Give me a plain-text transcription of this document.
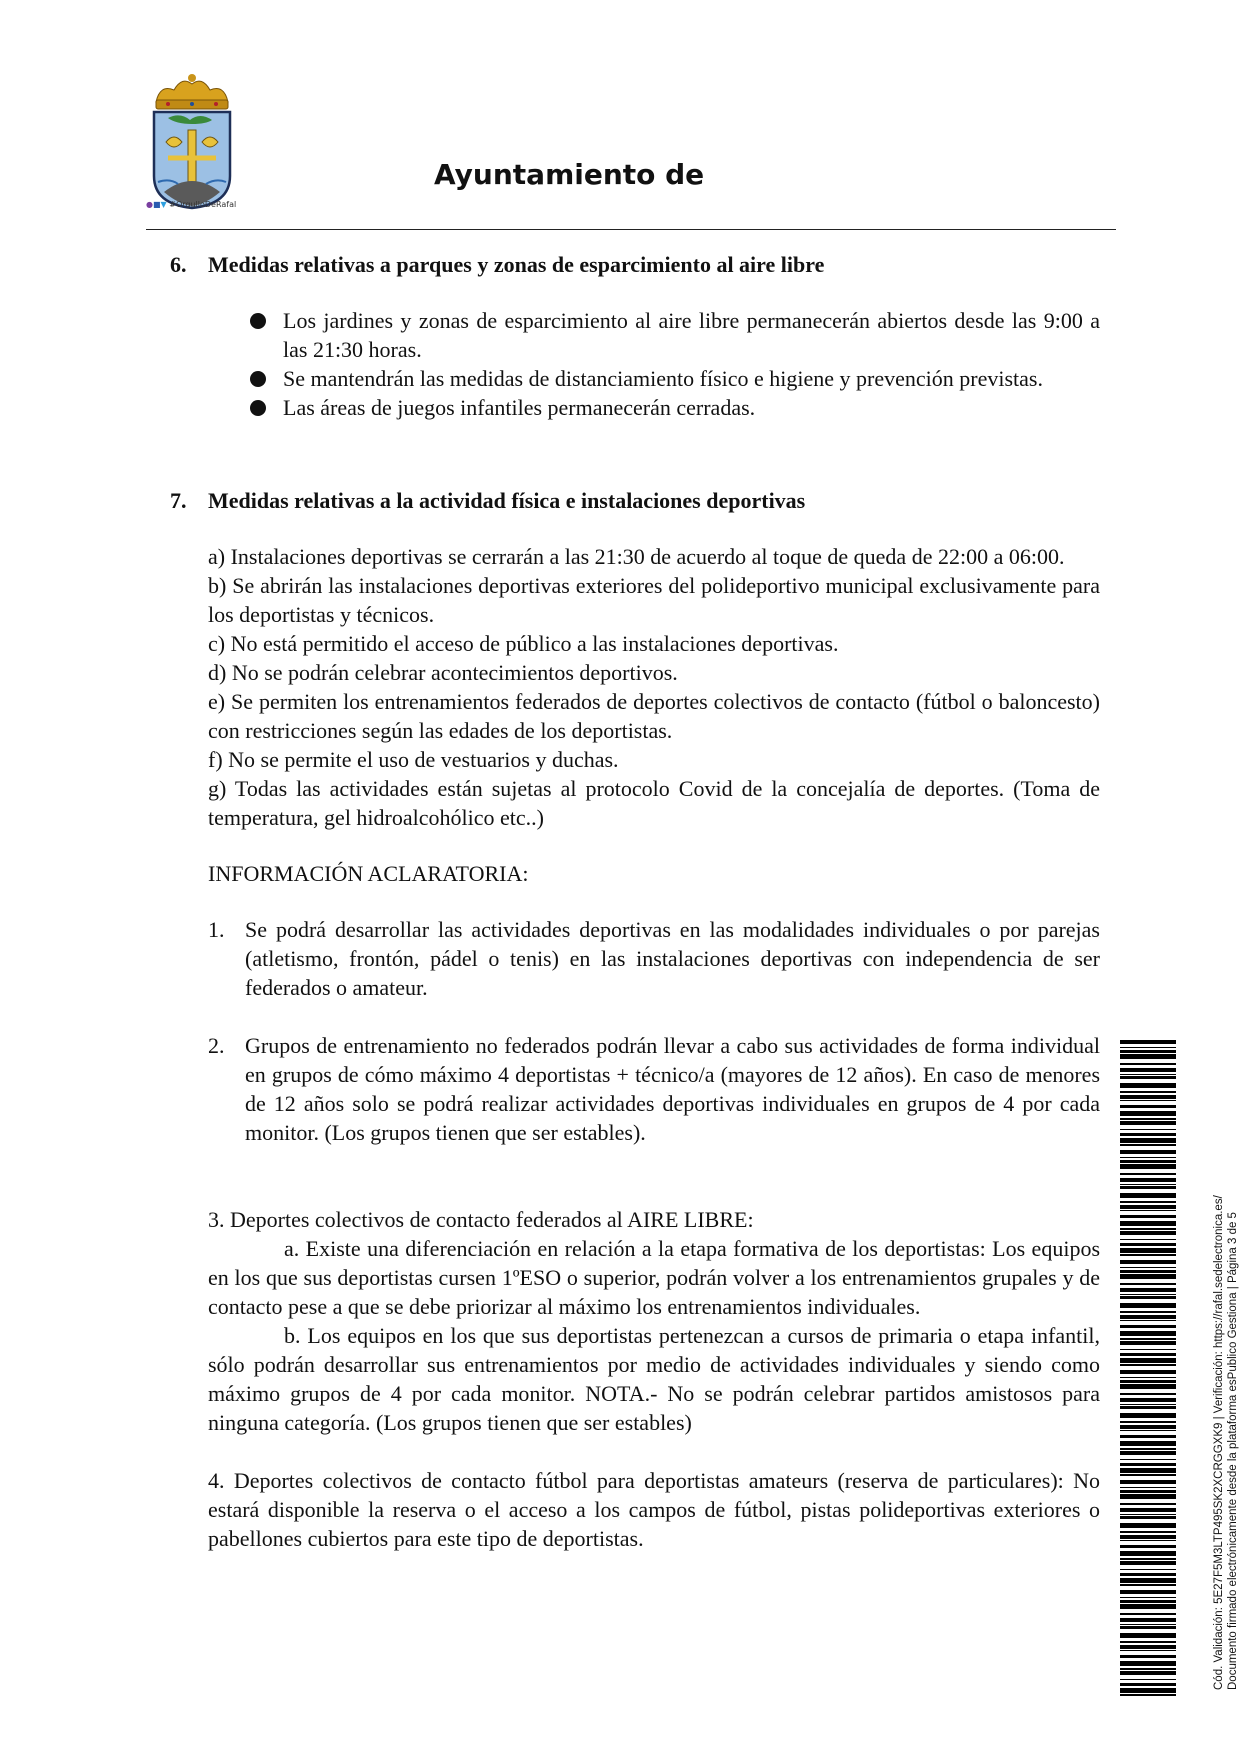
●■▼ #OrgulloDeRafal
Ayuntamiento de

6. Medidas relativas a parques y zonas de esparcimiento al aire libre

Los jardines y zonas de esparcimiento al aire libre permanecerán abiertos desde las 9:00 a las 21:30 horas.
Se mantendrán las medidas de distanciamiento físico e higiene y prevención previstas.
Las áreas de juegos infantiles permanecerán cerradas.

7. Medidas relativas a la actividad física e instalaciones deportivas

a) Instalaciones deportivas se cerrarán a las 21:30 de acuerdo al toque de queda de 22:00 a 06:00.

b) Se abrirán las instalaciones deportivas exteriores del polideportivo municipal exclusivamente para los deportistas y técnicos.

c) No está permitido el acceso de público a las instalaciones deportivas.

d) No se podrán celebrar acontecimientos deportivos.

e) Se permiten los entrenamientos federados de deportes colectivos de contacto (fútbol o baloncesto) con restricciones según las edades de los deportistas.

f) No se permite el uso de vestuarios y duchas.

g) Todas las actividades están sujetas al protocolo Covid de la concejalía de deportes. (Toma de temperatura, gel hidroalcohólico etc..)

INFORMACIÓN ACLARATORIA:

1. Se podrá desarrollar las actividades deportivas en las modalidades individuales o por parejas (atletismo, frontón, pádel o tenis) en las instalaciones deportivas con independencia de ser federados o amateur.
2. Grupos de entrenamiento no federados podrán llevar a cabo sus actividades de forma individual en grupos de cómo máximo 4 deportistas + técnico/a (mayores de 12 años). En caso de menores de 12 años solo se podrá realizar actividades deportivas individuales en grupos de 4 por cada monitor. (Los grupos tienen que ser estables).

3. Deportes colectivos de contacto federados al AIRE LIBRE:

a. Existe una diferenciación en relación a la etapa formativa de los deportistas: Los equipos en los que sus deportistas cursen 1ºESO o superior, podrán volver a los entrenamientos grupales y de contacto pese a que se debe priorizar al máximo los entrenamientos individuales.

b. Los equipos en los que sus deportistas pertenezcan a cursos de primaria o etapa infantil, sólo podrán desarrollar sus entrenamientos por medio de actividades individuales y siendo como máximo grupos de 4 por cada monitor. NOTA.- No se podrán celebrar partidos amistosos para ninguna categoría. (Los grupos tienen que ser estables)

4. Deportes colectivos de contacto fútbol para deportistas amateurs (reserva de particulares): No estará disponible la reserva o el acceso a los campos de fútbol, pistas polideportivas exteriores o pabellones cubiertos para este tipo de deportistas.	Cód. Validación: 5E27F5M3LTP495SK2XCRGGXK9 | Verificación: https://rafal.sedelectronica.es/ Documento firmado electrónicamente desde la plataforma esPublico Gestiona | Página 3 de 5
